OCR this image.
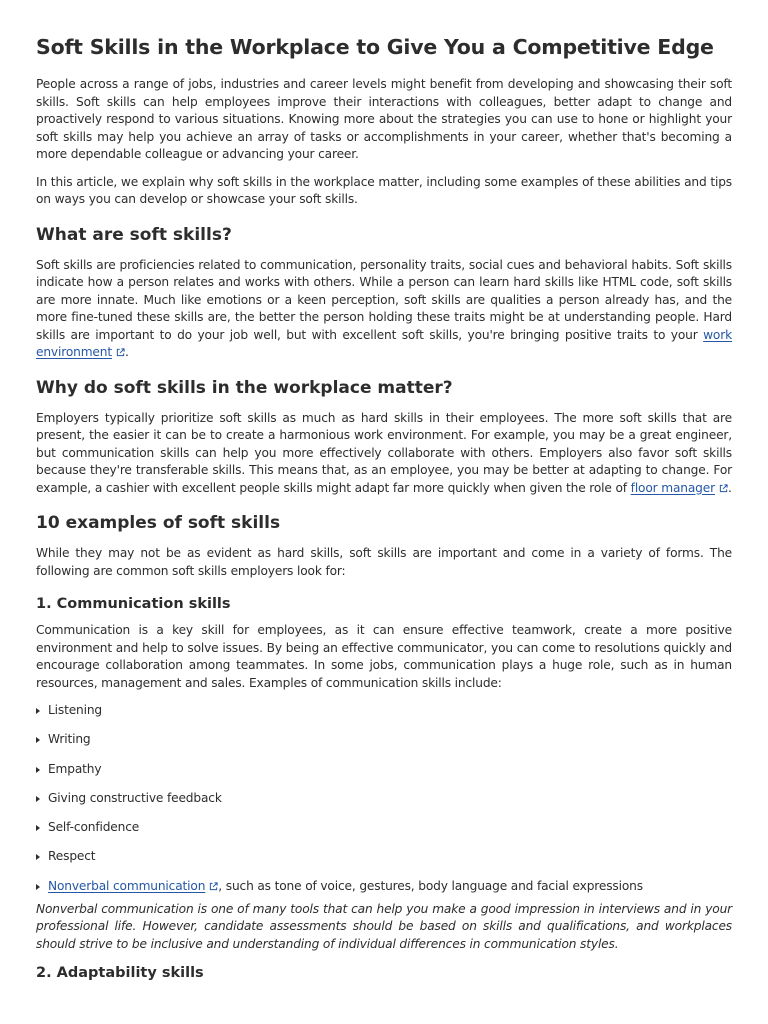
Soft Skills in the Workplace to Give You a Competitive Edge

People across a range of jobs, industries and career levels might benefit from developing and showcasing their soft skills. Soft skills can help employees improve their interactions with colleagues, better adapt to change and proactively respond to various situations. Knowing more about the strategies you can use to hone or highlight your soft skills may help you achieve an array of tasks or accomplishments in your career, whether that's becoming a more dependable colleague or advancing your career.

In this article, we explain why soft skills in the workplace matter, including some examples of these abilities and tips on ways you can develop or showcase your soft skills.

What are soft skills?

Soft skills are proficiencies related to communication, personality traits, social cues and behavioral habits. Soft skills indicate how a person relates and works with others. While a person can learn hard skills like HTML code, soft skills are more innate. Much like emotions or a keen perception, soft skills are qualities a person already has, and the more fine-tuned these skills are, the better the person holding these traits might be at understanding people. Hard skills are important to do your job well, but with excellent soft skills, you're bringing positive traits to your work environment .

Why do soft skills in the workplace matter?

Employers typically prioritize soft skills as much as hard skills in their employees. The more soft skills that are present, the easier it can be to create a harmonious work environment. For example, you may be a great engineer, but communication skills can help you more effectively collaborate with others. Employers also favor soft skills because they're transferable skills. This means that, as an employee, you may be better at adapting to change. For example, a cashier with excellent people skills might adapt far more quickly when given the role of floor manager .

10 examples of soft skills

While they may not be as evident as hard skills, soft skills are important and come in a variety of forms. The following are common soft skills employers look for:

1. Communication skills

Communication is a key skill for employees, as it can ensure effective teamwork, create a more positive environment and help to solve issues. By being an effective communicator, you can come to resolutions quickly and encourage collaboration among teammates. In some jobs, communication plays a huge role, such as in human resources, management and sales. Examples of communication skills include:

Listening
Writing
Empathy
Giving constructive feedback
Self-confidence
Respect
Nonverbal communication , such as tone of voice, gestures, body language and facial expressions

Nonverbal communication is one of many tools that can help you make a good impression in interviews and in your professional life. However, candidate assessments should be based on skills and qualifications, and workplaces should strive to be inclusive and understanding of individual differences in communication styles.

2. Adaptability skills
